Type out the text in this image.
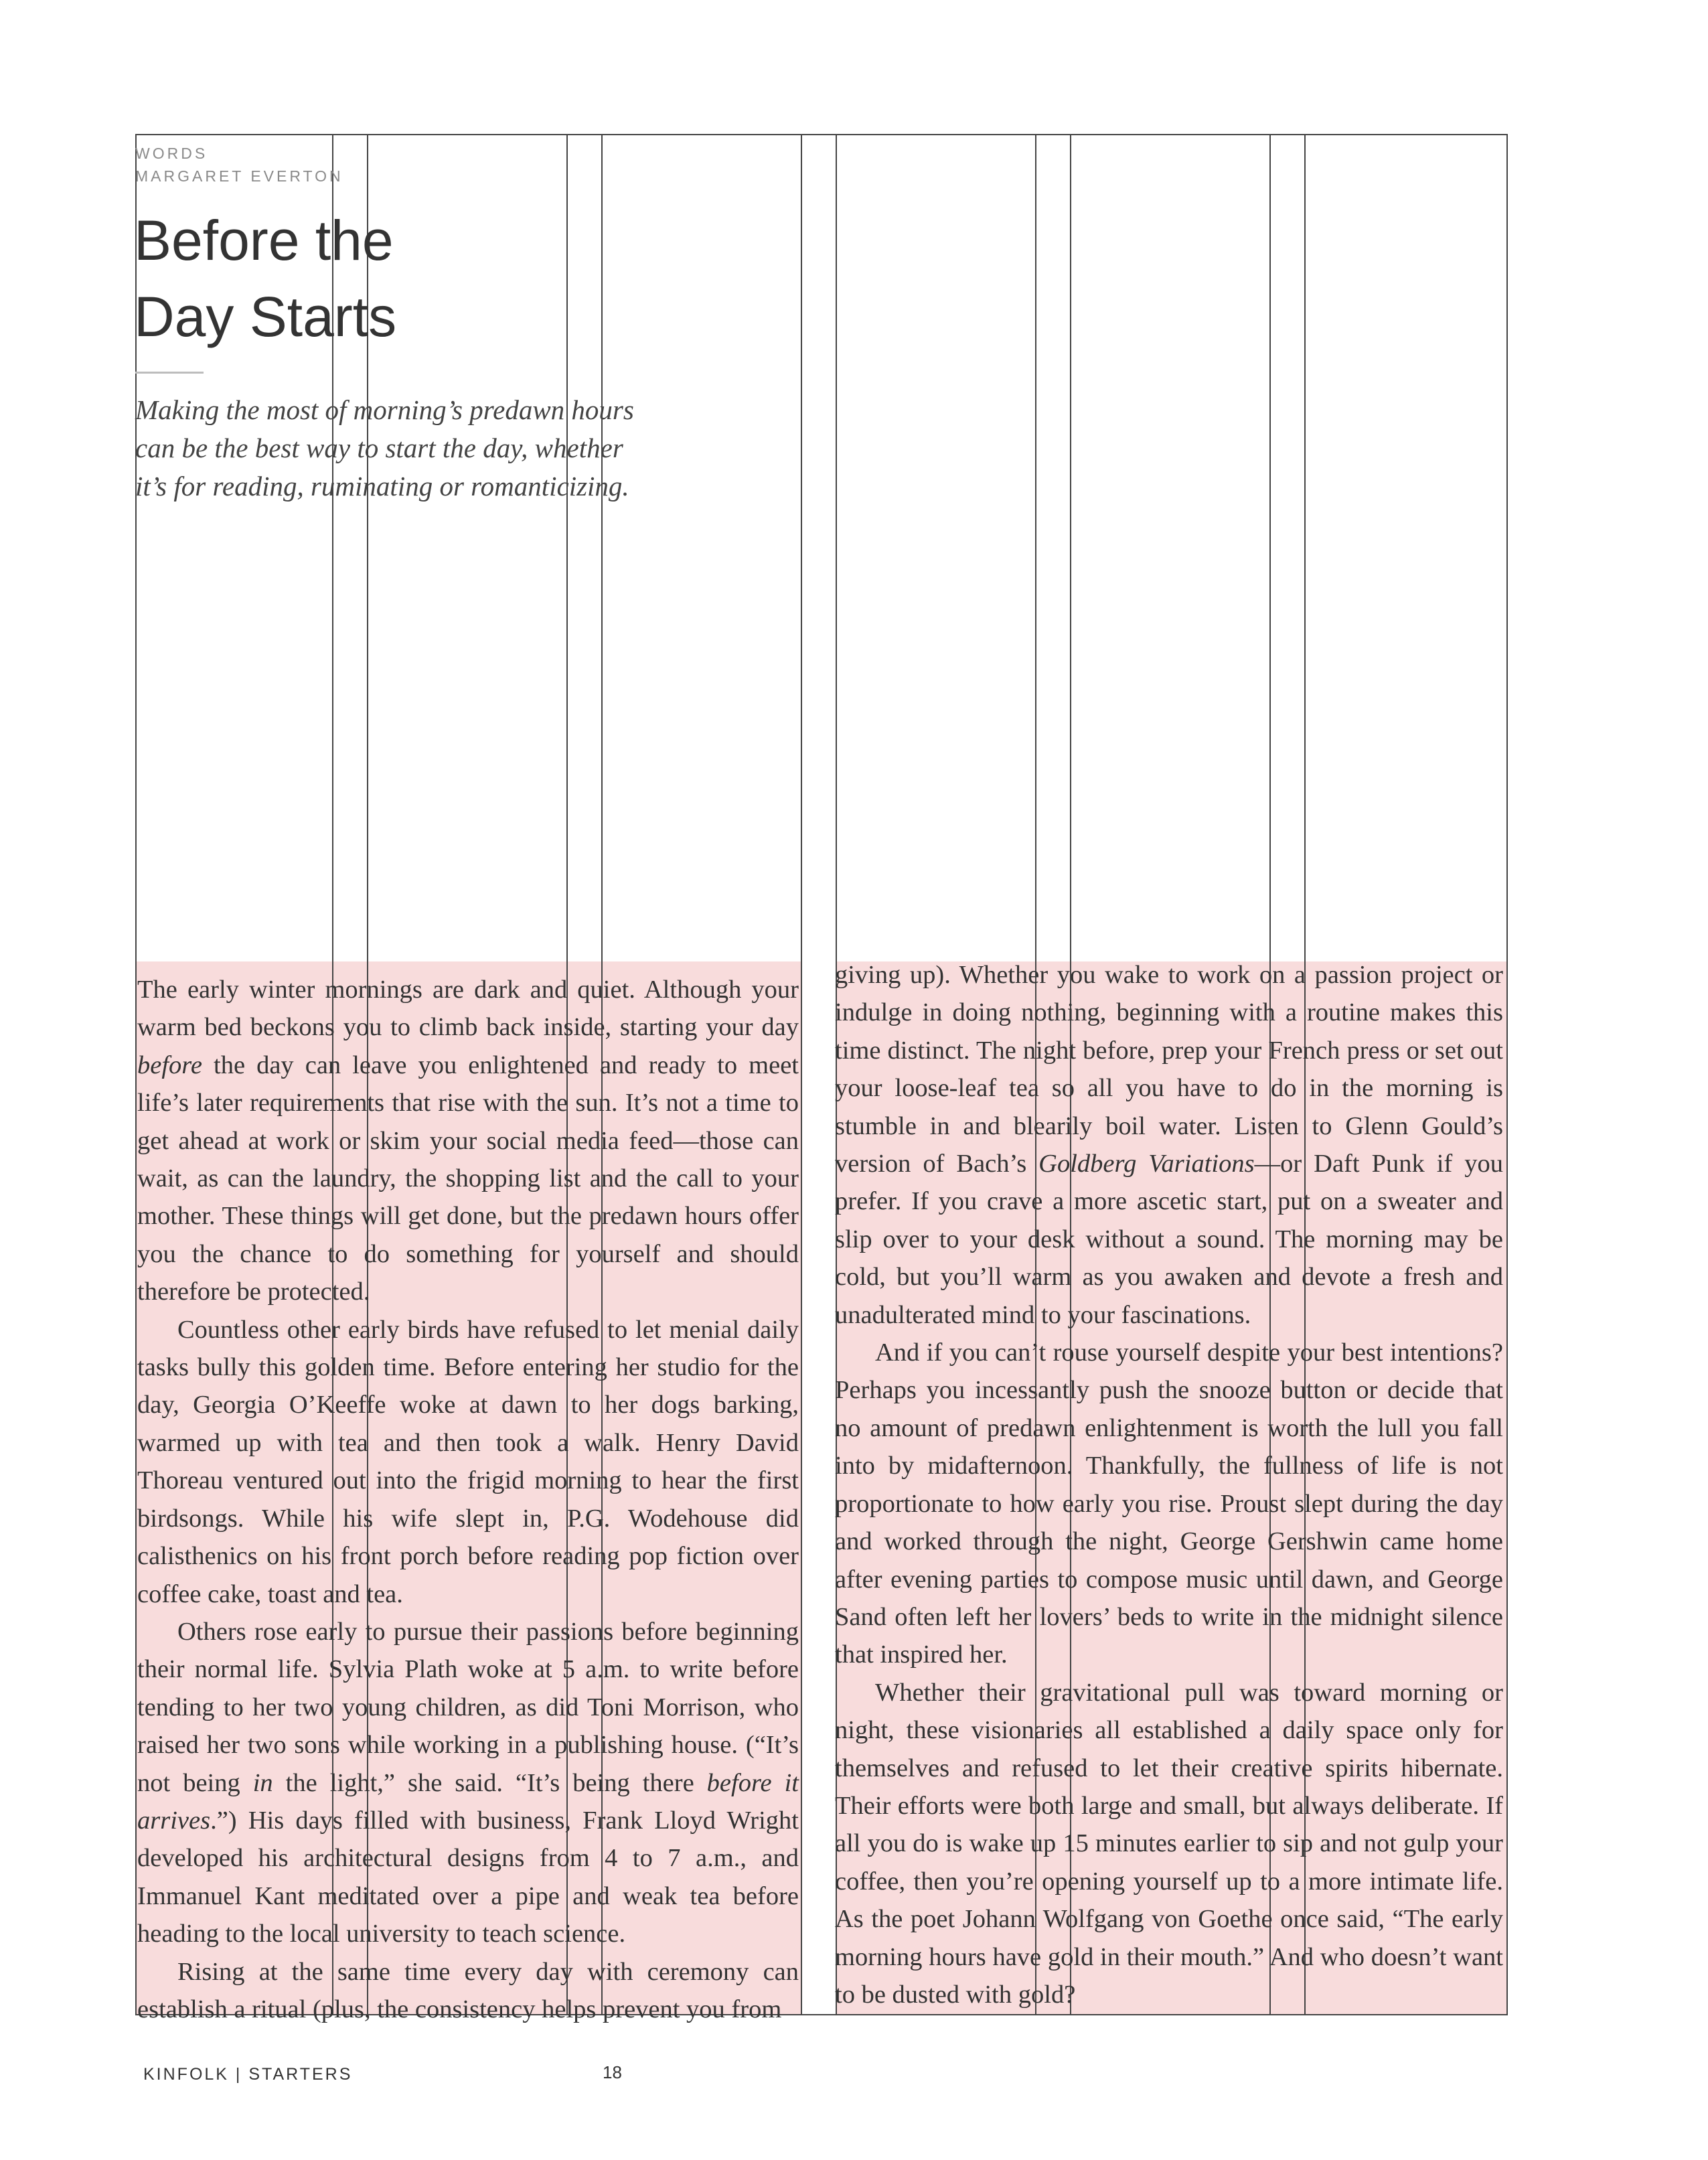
WORDS
MARGARET EVERTON
Before the
Day Starts
Making the most of morning’s predawn hours
can be the best way to start the day, whether
it’s for reading, ruminating or romanticizing.

The early winter mornings are dark and quiet. Although your warm bed beckons you to climb back inside, starting your day before the day can leave you enlightened and ready to meet life’s later requirements that rise with the sun. It’s not a time to get ahead at work or skim your social media feed—those can wait, as can the laundry, the shopping list and the call to your mother. These things will get done, but the predawn hours offer you the chance to do something for yourself and should therefore be protected.

Countless other early birds have refused to let menial daily tasks bully this golden time. Before entering her studio for the day, Georgia O’Keeffe woke at dawn to her dogs barking, warmed up with tea and then took a walk. Henry David Thoreau ventured out into the frigid morning to hear the first birdsongs. While his wife slept in, P.G. Wodehouse did calisthenics on his front porch before reading pop fiction over coffee cake, toast and tea.

Others rose early to pursue their passions before beginning their normal life. Sylvia Plath woke at 5 a.m. to write before tending to her two young children, as did Toni Morrison, who raised her two sons while working in a publishing house. (“It’s not being in the light,” she said. “It’s being there before it arrives.”) His days filled with business, Frank Lloyd Wright developed his architectural designs from 4 to 7 a.m., and Immanuel Kant meditated over a pipe and weak tea before heading to the local university to teach science.

Rising at the same time every day with ceremony can establish a ritual (plus, the consistency helps prevent you from

giving up). Whether you wake to work on a passion project or indulge in doing nothing, beginning with a routine makes this time distinct. The night before, prep your French press or set out your loose-leaf tea so all you have to do in the morning is stumble in and blearily boil water. Listen to Glenn Gould’s version of Bach’s Goldberg Variations—or Daft Punk if you prefer. If you crave a more ascetic start, put on a sweater and slip over to your desk without a sound. The morning may be cold, but you’ll warm as you awaken and devote a fresh and unadulterated mind to your fascinations.

And if you can’t rouse yourself despite your best intentions? Perhaps you incessantly push the snooze button or decide that no amount of predawn enlightenment is worth the lull you fall into by midafternoon. Thankfully, the fullness of life is not proportionate to how early you rise. Proust slept during the day and worked through the night, George Gershwin came home after evening parties to compose music until dawn, and George Sand often left her lovers’ beds to write in the midnight silence that inspired her.

Whether their gravitational pull was toward morning or night, these visionaries all established a daily space only for themselves and refused to let their creative spirits hibernate. Their efforts were both large and small, but always deliberate. If all you do is wake up 15 minutes earlier to sip and not gulp your coffee, then you’re opening yourself up to a more intimate life. As the poet Johann Wolfgang von Goethe once said, “The early morning hours have gold in their mouth.” And who doesn’t want to be dusted with gold?

KINFOLK | STARTERS	18
